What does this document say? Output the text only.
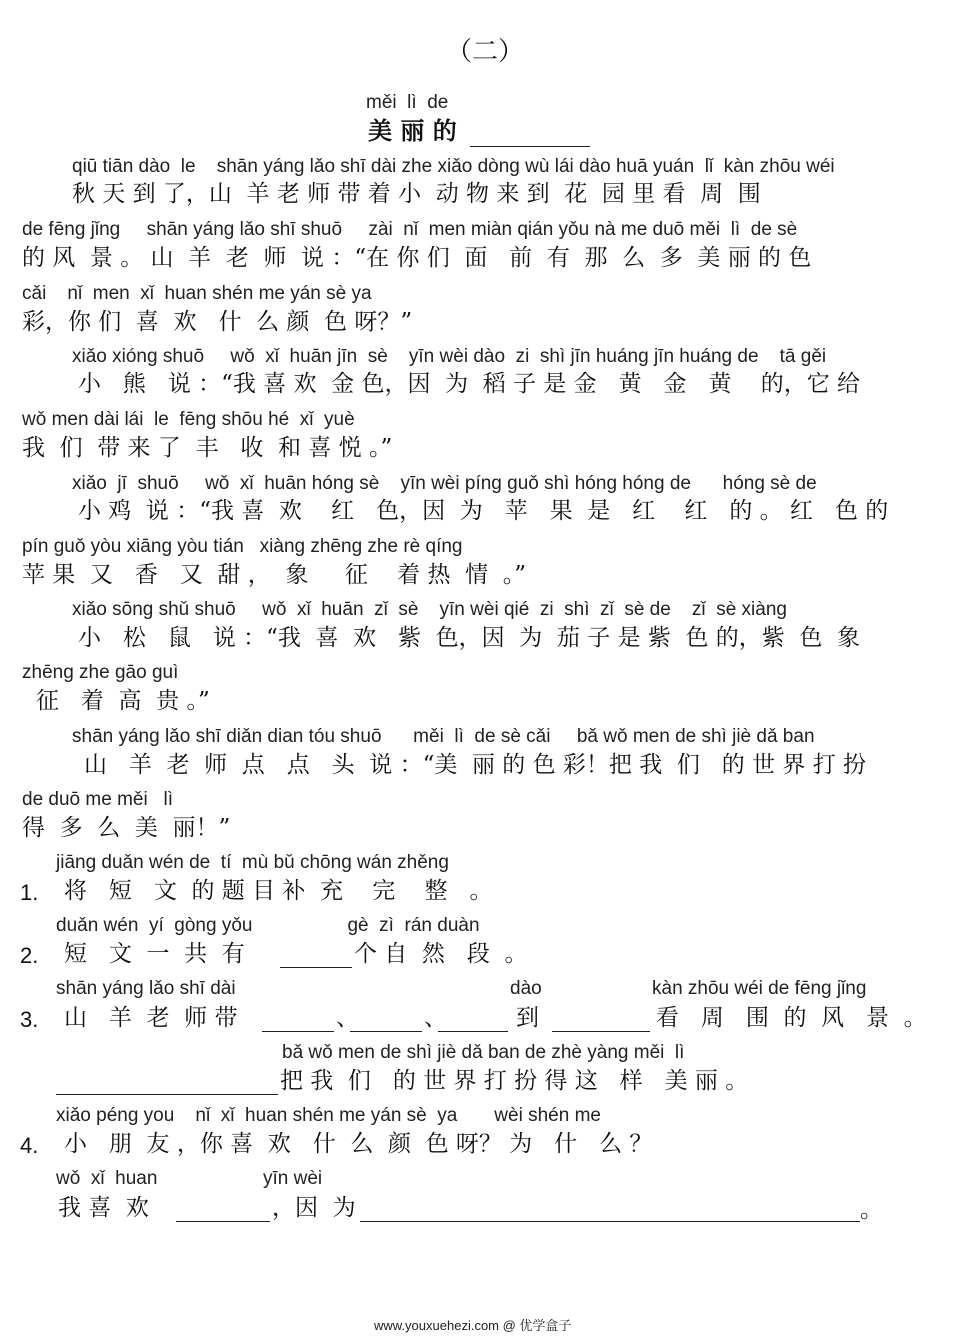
（二）
měi  lì  de
美 丽 的
qiū tiān dào  le    shān yáng lǎo shī dài zhe xiǎo dòng wù lái dào huā yuán  lǐ  kàn zhōu wéi
秋 天 到 了，山  羊 老 师 带 着 小  动 物 来 到  花  园 里 看  周  围
de fēng jǐng     shān yáng lǎo shī shuō     zài  nǐ  men miàn qián yǒu nà me duō měi  lì  de sè
的 风  景 。 山  羊  老  师  说 ：“在 你 们  面   前  有  那  么  多  美 丽 的 色
cǎi    nǐ  men  xǐ  huan shén me yán sè ya
彩，你 们  喜  欢   什  么 颜  色 呀？”
xiǎo xióng shuō     wǒ  xǐ  huān jīn  sè    yīn wèi dào  zi  shì jīn huáng jīn huáng de    tā gěi
小   熊   说 ：“我 喜 欢  金 色，因  为  稻 子 是 金   黄   金   黄    的，它 给
wǒ men dài lái  le  fēng shōu hé  xǐ  yuè
我  们  带 来 了  丰   收  和 喜 悦 。”
xiǎo  jī  shuō     wǒ  xǐ  huān hóng sè    yīn wèi píng guǒ shì hóng hóng de      hóng sè de
小 鸡  说 ：“我 喜  欢    红   色，因  为   苹   果  是   红    红   的 。 红   色 的
pín guǒ yòu xiāng yòu tián   xiàng zhēng zhe rè qíng
苹 果  又   香   又  甜 ，  象     征    着 热  情  。”
xiǎo sōng shǔ shuō     wǒ  xǐ  huān  zǐ  sè    yīn wèi qié  zi  shì  zǐ  sè de    zǐ  sè xiàng
小   松   鼠   说 ：“我  喜  欢   紫  色，因  为  茄 子 是 紫  色 的，紫  色  象
zhēng zhe gāo guì
征   着  高  贵 。”
shān yáng lǎo shī diǎn dian tóu shuō      měi  lì  de sè cǎi     bǎ wǒ men de shì jiè dǎ ban
山   羊  老  师  点   点   头  说 ：“美  丽 的 色 彩！把 我  们   的 世 界 打 扮
de duō me měi   lì
得  多  么  美  丽！”
jiāng duǎn wén de  tí  mù bǔ chōng wán zhěng
1. 将   短   文  的 题 目 补  充    完    整   。
duǎn wén  yí  gòng yǒu                  gè  zì  rán duàn
2. 短   文  一  共  有	个 自  然   段  。
shān yáng lǎo shī dài	dào	kàn zhōu wéi de fēng jǐng
3. 山   羊  老  师 带	、	、	到	看   周   围  的  风   景  。
bǎ wǒ men de shì jiè dǎ ban de zhè yàng měi  lì
把 我  们   的 世 界 打 扮 得 这   样   美 丽 。
xiǎo péng you    nǐ  xǐ  huan shén me yán sè  ya       wèi shén me
4. 小   朋  友 ，你 喜  欢   什  么  颜  色 呀？ 为   什   么 ？
wǒ  xǐ  huan                    yīn wèi
我 喜  欢	，因  为	。
www.youxuehezi.com @ 优学盒子
